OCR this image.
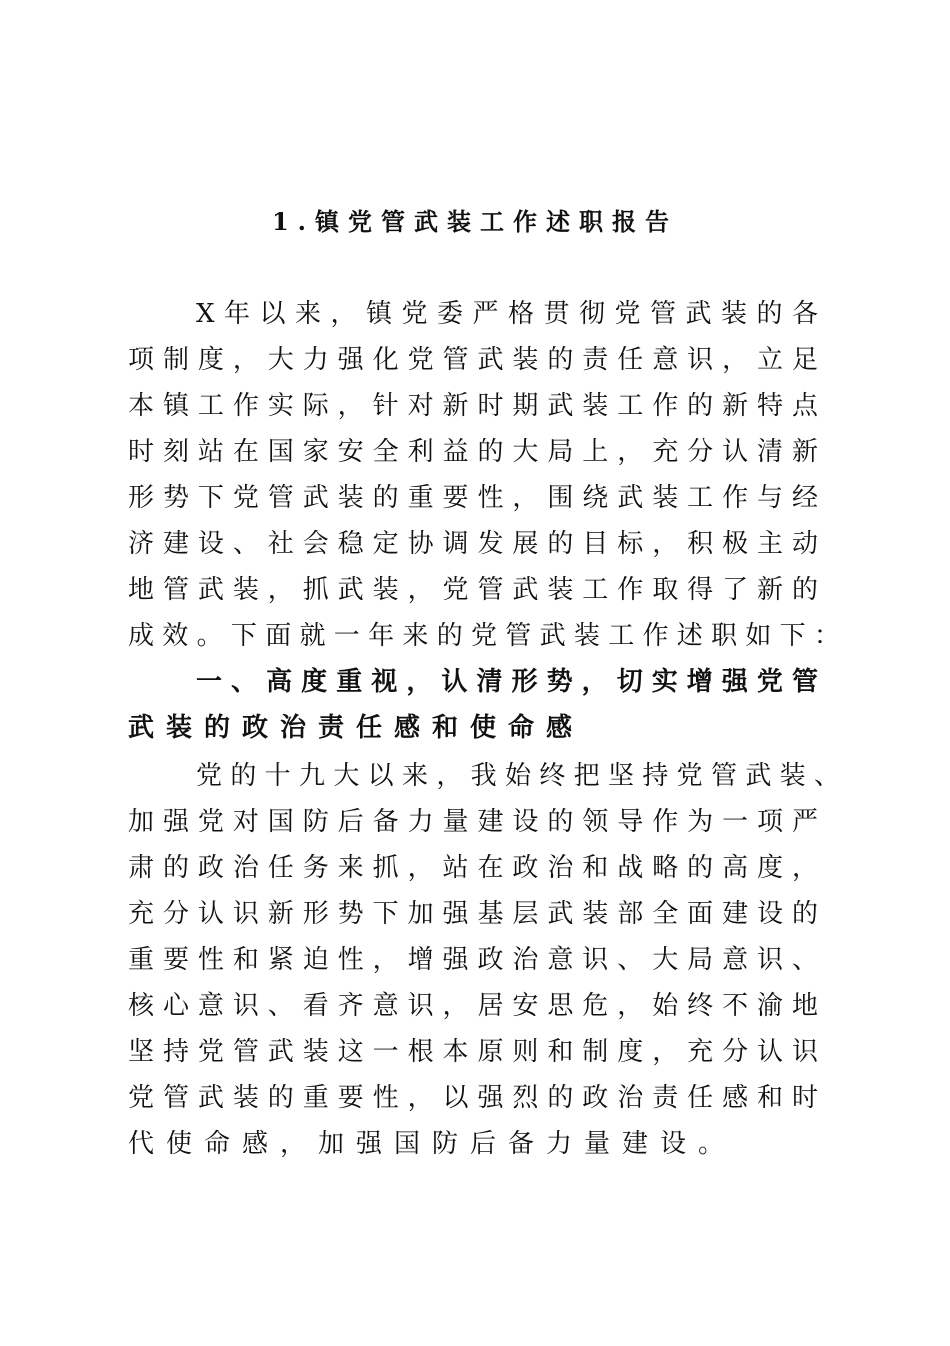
1.镇党管武装工作述职报告
X年以来，镇党委严格贯彻党管武装的各
项制度，大力强化党管武装的责任意识，立足
本镇工作实际，针对新时期武装工作的新特点
时刻站在国家安全利益的大局上，充分认清新
形势下党管武装的重要性，围绕武装工作与经
济建设、社会稳定协调发展的目标，积极主动
地管武装，抓武装，党管武装工作取得了新的
成效。下面就一年来的党管武装工作述职如下：
一、高度重视，认清形势，切实增强党管
武装的政治责任感和使命感
党的十九大以来，我始终把坚持党管武装、
加强党对国防后备力量建设的领导作为一项严
肃的政治任务来抓，站在政治和战略的高度，
充分认识新形势下加强基层武装部全面建设的
重要性和紧迫性，增强政治意识、大局意识、
核心意识、看齐意识，居安思危，始终不渝地
坚持党管武装这一根本原则和制度，充分认识
党管武装的重要性，以强烈的政治责任感和时
代使命感，加强国防后备力量建设。
